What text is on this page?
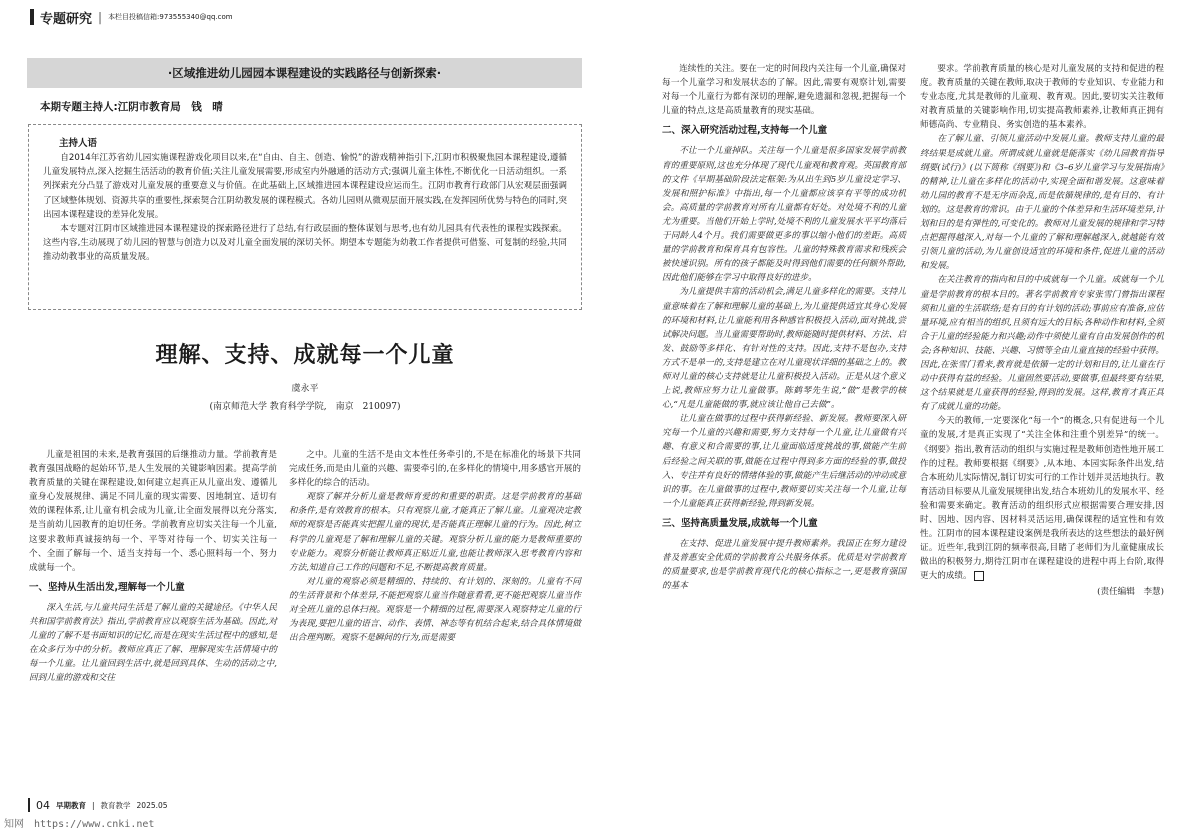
专题研究 | 本栏目投稿信箱:973555340@qq.com
·区域推进幼儿园园本课程建设的实践路径与创新探索·
本期专题主持人:江阴市教育局　钱　晴
主持人语

自2014年江苏省幼儿园实施课程游戏化项目以来,在“自由、自主、创造、愉悦”的游戏精神指引下,江阴市积极聚焦园本课程建设,遵循儿童发展特点,深入挖掘生活活动的教育价值;关注儿童发展需要,形成室内外融通的活动方式;强调儿童主体性,不断优化一日活动组织。一系列探索充分凸显了游戏对儿童发展的重要意义与价值。在此基础上,区域推进园本课程建设应运而生。江阴市教育行政部门从宏观层面强调了区域整体规划、资源共享的重要性,探索契合江阴幼教发展的课程模式。各幼儿园则从微观层面开展实践,在发挥园所优势与特色的同时,突出园本课程建设的差异化发展。

本专题对江阴市区域推进园本课程建设的探索路径进行了总结,有行政层面的整体谋划与思考,也有幼儿园具有代表性的课程实践探索。这些内容,生动展现了幼儿园的智慧与创造力以及对儿童全面发展的深切关怀。期望本专题能为幼教工作者提供可借鉴、可复制的经验,共同推动幼教事业的高质量发展。

理解、支持、成就每一个儿童
虞永平
(南京师范大学 教育科学学院,　南京　210097)

儿童是祖国的未来,是教育强国的后继推动力量。学前教育是教育强国战略的起始环节,是人生发展的关键影响因素。提高学前教育质量的关键在课程建设,如何建立起真正从儿童出发、遵循儿童身心发展规律、满足不同儿童的现实需要、因地制宜、适切有效的课程体系,让儿童有机会成为儿童,让全面发展得以充分落实,是当前幼儿园教育的迫切任务。学前教育应切实关注每一个儿童,这要求教师真诚接纳每一个、平等对待每一个、切实关注每一个、全面了解每一个、适当支持每一个、悉心照料每一个、努力成就每一个。

一、坚持从生活出发,理解每一个儿童

深入生活,与儿童共同生活是了解儿童的关键途径。《中华人民共和国学前教育法》指出,学前教育应以观察生活为基础。因此,对儿童的了解不是书面知识的记忆,而是在现实生活过程中的感知,是在众多行为中的分析。教师应真正了解、理解现实生活情境中的每一个儿童。让儿童回到生活中,就是回到具体、生动的活动之中,回到儿童的游戏和交往

之中。儿童的生活不是由文本性任务牵引的,不是在标准化的场景下共同完成任务,而是由儿童的兴趣、需要牵引的,在多样化的情境中,用多感官开展的多样化的综合的活动。

观察了解并分析儿童是教师育爱的和重要的职责。这是学前教育的基础和条件,是有效教育的根本。只有观察儿童,才能真正了解儿童。儿童观决定教师的观察是否能真实把握儿童的现状,是否能真正理解儿童的行为。因此,树立科学的儿童观是了解和理解儿童的关键。观察分析儿童的能力是教师重要的专业能力。观察分析能让教师真正贴近儿童,也能让教师深入思考教育内容和方法,知道自己工作的问题和不足,不断提高教育质量。

对儿童的观察必须是精细的、持续的、有计划的、深刻的。儿童有不同的生活背景和个体差异,不能把观察儿童当作随意看看,更不能把观察儿童当作对全班儿童的总体扫视。观察是一个精细的过程,需要深入观察特定儿童的行为表现,要把儿童的语言、动作、表情、神态等有机结合起来,结合具体情境做出合理判断。观察不是瞬间的行为,而是需要

连续性的关注。要在一定的时间段内关注每一个儿童,确保对每一个儿童学习和发展状态的了解。因此,需要有观察计划,需要对每一个儿童行为都有深切的理解,避免遗漏和忽视,把握每一个儿童的特点,这是高质量教育的现实基础。

二、深入研究活动过程,支持每一个儿童

不让一个儿童掉队。关注每一个儿童是很多国家发展学前教育的重要原则,这也充分体现了现代儿童观和教育观。英国教育部的文件《早期基础阶段法定框架:为从出生到5岁儿童设定学习、发展和照护标准》中指出,每一个儿童都应该享有平等的成功机会。高质量的学前教育对所有儿童都有好处。对处境不利的儿童尤为重要。当他们开始上学时,处境不利的儿童发展水平平均落后于同龄人4个月。我们需要做更多的事以缩小他们的差距。高质量的学前教育和保育具有包容性。儿童的特殊教育需求和残疾会被快速识别。所有的孩子都能及时得到他们需要的任何额外帮助,因此他们能够在学习中取得良好的进步。

为儿童提供丰富的活动机会,满足儿童多样化的需要。支持儿童意味着在了解和理解儿童的基础上,为儿童提供适宜其身心发展的环境和材料,让儿童能利用各种感官积极投入活动,面对挑战,尝试解决问题。当儿童需要帮助时,教师能随时提供材料、方法、启发、鼓励等多样化、有针对性的支持。因此,支持不是包办,支持方式不是单一的,支持是建立在对儿童现状详细的基础之上的。教师对儿童的核心支持就是让儿童积极投入活动。正是从这个意义上说,教师应努力让儿童做事。陈鹤琴先生说,“做”是教学的核心,“凡是儿童能做的事,就应该让他自己去做”。

让儿童在做事的过程中获得新经验、新发展。教师要深入研究每一个儿童的兴趣和需要,努力支持每一个儿童,让儿童做有兴趣、有意义和合需要的事,让儿童面临适度挑战的事,做能产生前后经验之间关联的事,做能在过程中得到多方面的经验的事,做投入、专注并有良好的情绪体验的事,做能产生后继活动的冲动或意识的事。在儿童做事的过程中,教师要切实关注每一个儿童,让每一个儿童能真正获得新经验,得到新发展。

三、坚持高质量发展,成就每一个儿童

在支持、促进儿童发展中提升教师素养。我国正在努力建设普及普惠安全优质的学前教育公共服务体系。优质是对学前教育的质量要求,也是学前教育现代化的核心指标之一,更是教育强国的基本

要求。学前教育质量的核心是对儿童发展的支持和促进的程度。教育质量的关键在教师,取决于教师的专业知识、专业能力和专业态度,尤其是教师的儿童观、教育观。因此,要切实关注教师对教育质量的关键影响作用,切实提高教师素养,让教师真正拥有师德高尚、专业精良、务实创造的基本素养。

在了解儿童、引领儿童活动中发展儿童。教师支持儿童的最终结果是成就儿童。所谓成就儿童就是能落实《幼儿园教育指导纲要(试行)》(以下简称《纲要》)和《3–6岁儿童学习与发展指南》的精神,让儿童在多样化的活动中,实现全面和谐发展。这意味着幼儿园的教育不是无序而杂乱,而是依循规律的,是有目的、有计划的。这是教育的常识。由于儿童的个体差异和生活环境差异,计划和目的是有弹性的,可变化的。教师对儿童发展的规律和学习特点把握得越深入,对每一个儿童的了解和理解越深入,就越能有效引领儿童的活动,为儿童创设适宜的环境和条件,促进儿童的活动和发展。

在关注教育的指向和目的中成就每一个儿童。成就每一个儿童是学前教育的根本目的。著名学前教育专家张雪门曾指出课程须和儿童的生活联络;是有目的有计划的活动;事前应有准备,应估量环境,应有相当的组织,且须有远大的目标;各种动作和材料,全须合于儿童的经验能力和兴趣;动作中须使儿童有自由发展创作的机会;各种知识、技能、兴趣、习惯等全由儿童直接的经验中获得。因此,在张雪门看来,教育就是依循一定的计划和目的,让儿童在行动中获得有益的经验。儿童固然要活动,要做事,但最终要有结果,这个结果就是儿童获得的经验,得到的发展。这样,教育才真正具有了成就儿童的功能。

今天的教师,一定要深化“每一个”的概念,只有促进每一个儿童的发展,才是真正实现了“关注全体和注重个别差异”的统一。《纲要》指出,教育活动的组织与实施过程是教师创造性地开展工作的过程。教师要根据《纲要》,从本地、本园实际条件出发,结合本班幼儿实际情况,制订切实可行的工作计划并灵活地执行。教育活动目标要从儿童发展规律出发,结合本班幼儿的发展水平、经验和需要来确定。教育活动的组织形式应根据需要合理安排,因时、因地、因内容、因材料灵活运用,确保课程的适宜性和有效性。江阴市的园本课程建设案例是我所表达的这些想法的最好例证。近些年,我到江阴的频率很高,目睹了老师们为儿童健康成长做出的积极努力,期待江阴市在课程建设的进程中再上台阶,取得更大的成绩。

(责任编辑　李慧)
04 早期教育 | 教育教学 2025.05
知网　https://www.cnki.net
